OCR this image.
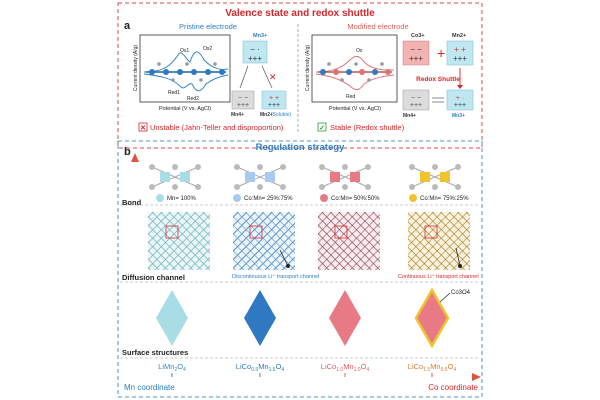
Valence state and redox shuttle
a	Pristine electrode	Modified electrode
Current density (A/g)
Potential (V vs. AgCl)
Ox1	Ox2
Red1
Red2
Mn3+
− ·
+++
− −
+++
+ +
+++
✕
Mn4+	Mn2+
(Soluble)
Current density (A/g)
Potential (V vs. AgCl)
Ox
Red
Co3+
− −
+++ +
Mn2+
+ +
+++
Redox Shuttle
− −
+++
+ ·
+++
Mn4+	Mn3+
✕ Unstable (Jahn-Teller and disproportion)	✓ Stable (Redox shuttle)
b	Regulation strategy
Bond
Diffusion channel
Surface structures
Mn= 100%	Co:Mn= 25%:75%	Co:Mn= 50%:50%	Co:Mn= 75%:25%
Discontinuous Li⁺ transport channel	Continuous Li⁺ transport channel
Co3O4
$LiMn_2O_4$	$LiCo_{0.5}Mn_{1.5}O_4$	$LiCo_{1.0}Mn_{1.0}O_4$	$LiCo_{1.5}Mn_{0.5}O_4$
Mn coordinate	Co coordinate
